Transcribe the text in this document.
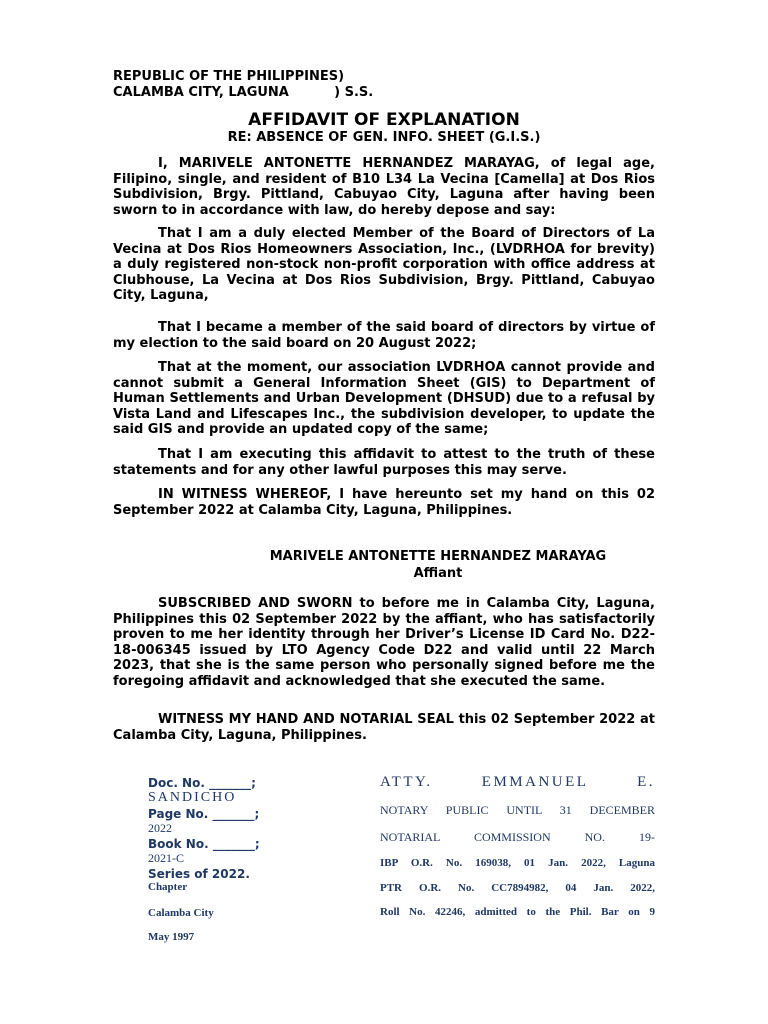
REPUBLIC OF THE PHILIPPINES)
CALAMBA CITY, LAGUNA          ) S.S.
AFFIDAVIT OF EXPLANATION
RE: ABSENCE OF GEN. INFO. SHEET (G.I.S.)

I, MARIVELE ANTONETTE HERNANDEZ MARAYAG, of legal age, Filipino, single, and resident of B10 L34 La Vecina [Camella] at Dos Rios Subdivision, Brgy. Pittland, Cabuyao City, Laguna after having been sworn to in accordance with law, do hereby depose and say:

That I am a duly elected Member of the Board of Directors of La Vecina at Dos Rios Homeowners Association, Inc., (LVDRHOA for brevity) a duly registered non-stock non-profit corporation with office address at Clubhouse, La Vecina at Dos Rios Subdivision, Brgy. Pittland, Cabuyao City, Laguna,

That I became a member of the said board of directors by virtue of my election to the said board on 20 August 2022;

That at the moment, our association LVDRHOA cannot provide and cannot submit a General Information Sheet (GIS) to Department of Human Settlements and Urban Development (DHSUD) due to a refusal by Vista Land and Lifescapes Inc., the subdivision developer, to update the said GIS and provide an updated copy of the same;

That I am executing this affidavit to attest to the truth of these statements and for any other lawful purposes this may serve.

IN WITNESS WHEREOF, I have hereunto set my hand on this 02 September 2022 at Calamba City, Laguna, Philippines.

MARIVELE ANTONETTE HERNANDEZ MARAYAG
Affiant

SUBSCRIBED AND SWORN to before me in Calamba City, Laguna, Philippines this 02 September 2022 by the affiant, who has satisfactorily proven to me her identity through her Driver’s License ID Card No. D22-18-006345 issued by LTO Agency Code D22 and valid until 22 March 2023, that she is the same person who personally signed before me the foregoing affidavit and acknowledged that she executed the same.

WITNESS MY HAND AND NOTARIAL SEAL this 02 September 2022 at Calamba City, Laguna, Philippines.

Doc. No. _______;
SANDICHO
Page No. _______;
2022
Book No. _______;
2021-C
Series of 2022.
Chapter
Calamba City
May 1997
ATTY. EMMANUEL E.
NOTARY PUBLIC UNTIL 31 DECEMBER
NOTARIAL COMMISSION NO. 19-
IBP O.R. No. 169038, 01 Jan. 2022, Laguna
PTR O.R. No. CC7894982, 04 Jan. 2022,
Roll No. 42246, admitted to the Phil. Bar on 9
